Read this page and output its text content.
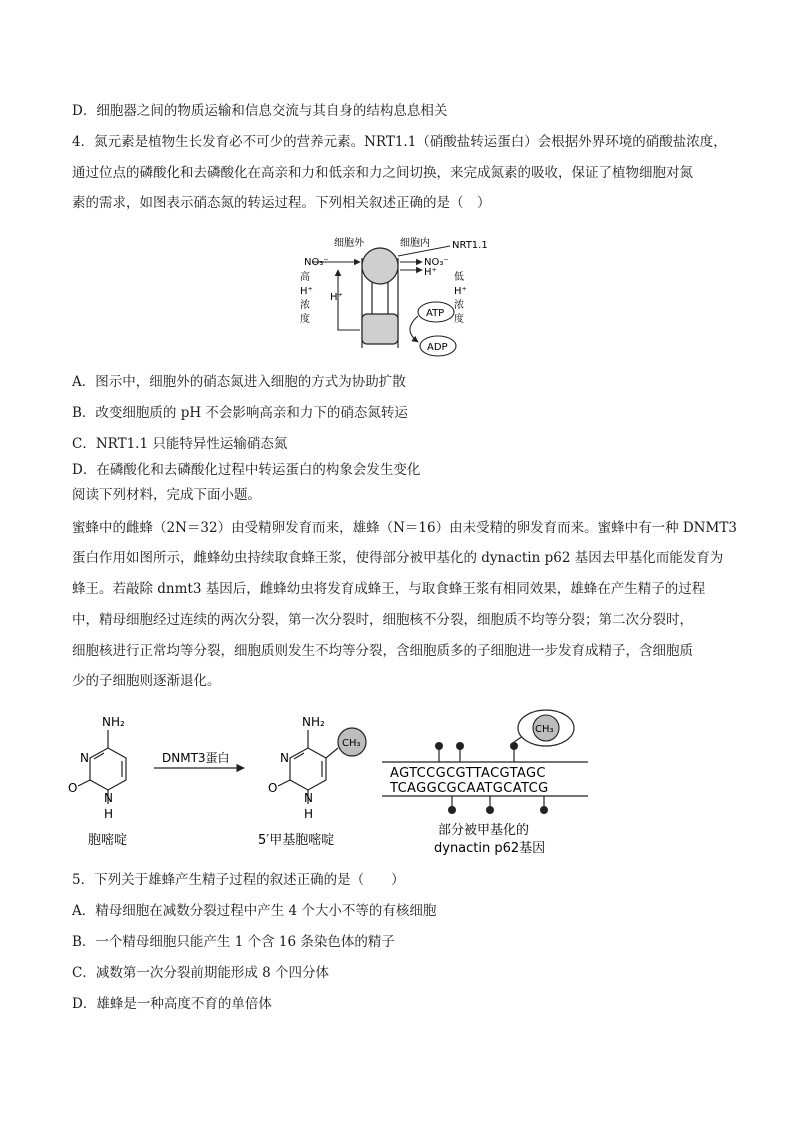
D．细胞器之间的物质运输和信息交流与其自身的结构息息相关
4．氮元素是植物生长发育必不可少的营养元素。NRT1.1（硝酸盐转运蛋白）会根据外界环境的硝酸盐浓度，
通过位点的磷酸化和去磷酸化在高亲和力和低亲和力之间切换，来完成氮素的吸收，保证了植物细胞对氮
素的需求，如图表示硝态氮的转运过程。下列相关叙述正确的是（　）
细胞外	细胞内 NRT1.1
NO₃⁻	NO₃⁻
H⁺
H⁺
高
H⁺
浓
度
低
H⁺
浓
度
ATP
ADP
A．图示中，细胞外的硝态氮进入细胞的方式为协助扩散
B．改变细胞质的 pH 不会影响高亲和力下的硝态氮转运
C．NRT1.1 只能特异性运输硝态氮
D．在磷酸化和去磷酸化过程中转运蛋白的构象会发生变化
阅读下列材料，完成下面小题。
蜜蜂中的雌蜂（2N＝32）由受精卵发育而来，雄蜂（N＝16）由未受精的卵发育而来。蜜蜂中有一种 DNMT3
蛋白作用如图所示，雌蜂幼虫持续取食蜂王浆，使得部分被甲基化的 dynactin p62 基因去甲基化而能发育为
蜂王。若敲除 dnmt3 基因后，雌蜂幼虫将发育成蜂王，与取食蜂王浆有相同效果，雄蜂在产生精子的过程
中，精母细胞经过连续的两次分裂，第一次分裂时，细胞核不分裂，细胞质不均等分裂；第二次分裂时，
细胞核进行正常均等分裂，细胞质则发生不均等分裂，含细胞质多的子细胞进一步发育成精子，含细胞质
少的子细胞则逐渐退化。
NH₂
N
O
N
H
DNMT3蛋白
NH₂
N
O
N
H
CH₃
AGTCCGCGTTACGTAGC
TCAGGCGCAATGCATCG
CH₃
胞嘧啶	5′甲基胞嘧啶
部分被甲基化的
dynactin p62基因
5．下列关于雄蜂产生精子过程的叙述正确的是（　　）
A．精母细胞在减数分裂过程中产生 4 个大小不等的有核细胞
B．一个精母细胞只能产生 1 个含 16 条染色体的精子
C．减数第一次分裂前期能形成 8 个四分体
D．雄蜂是一种高度不育的单倍体
